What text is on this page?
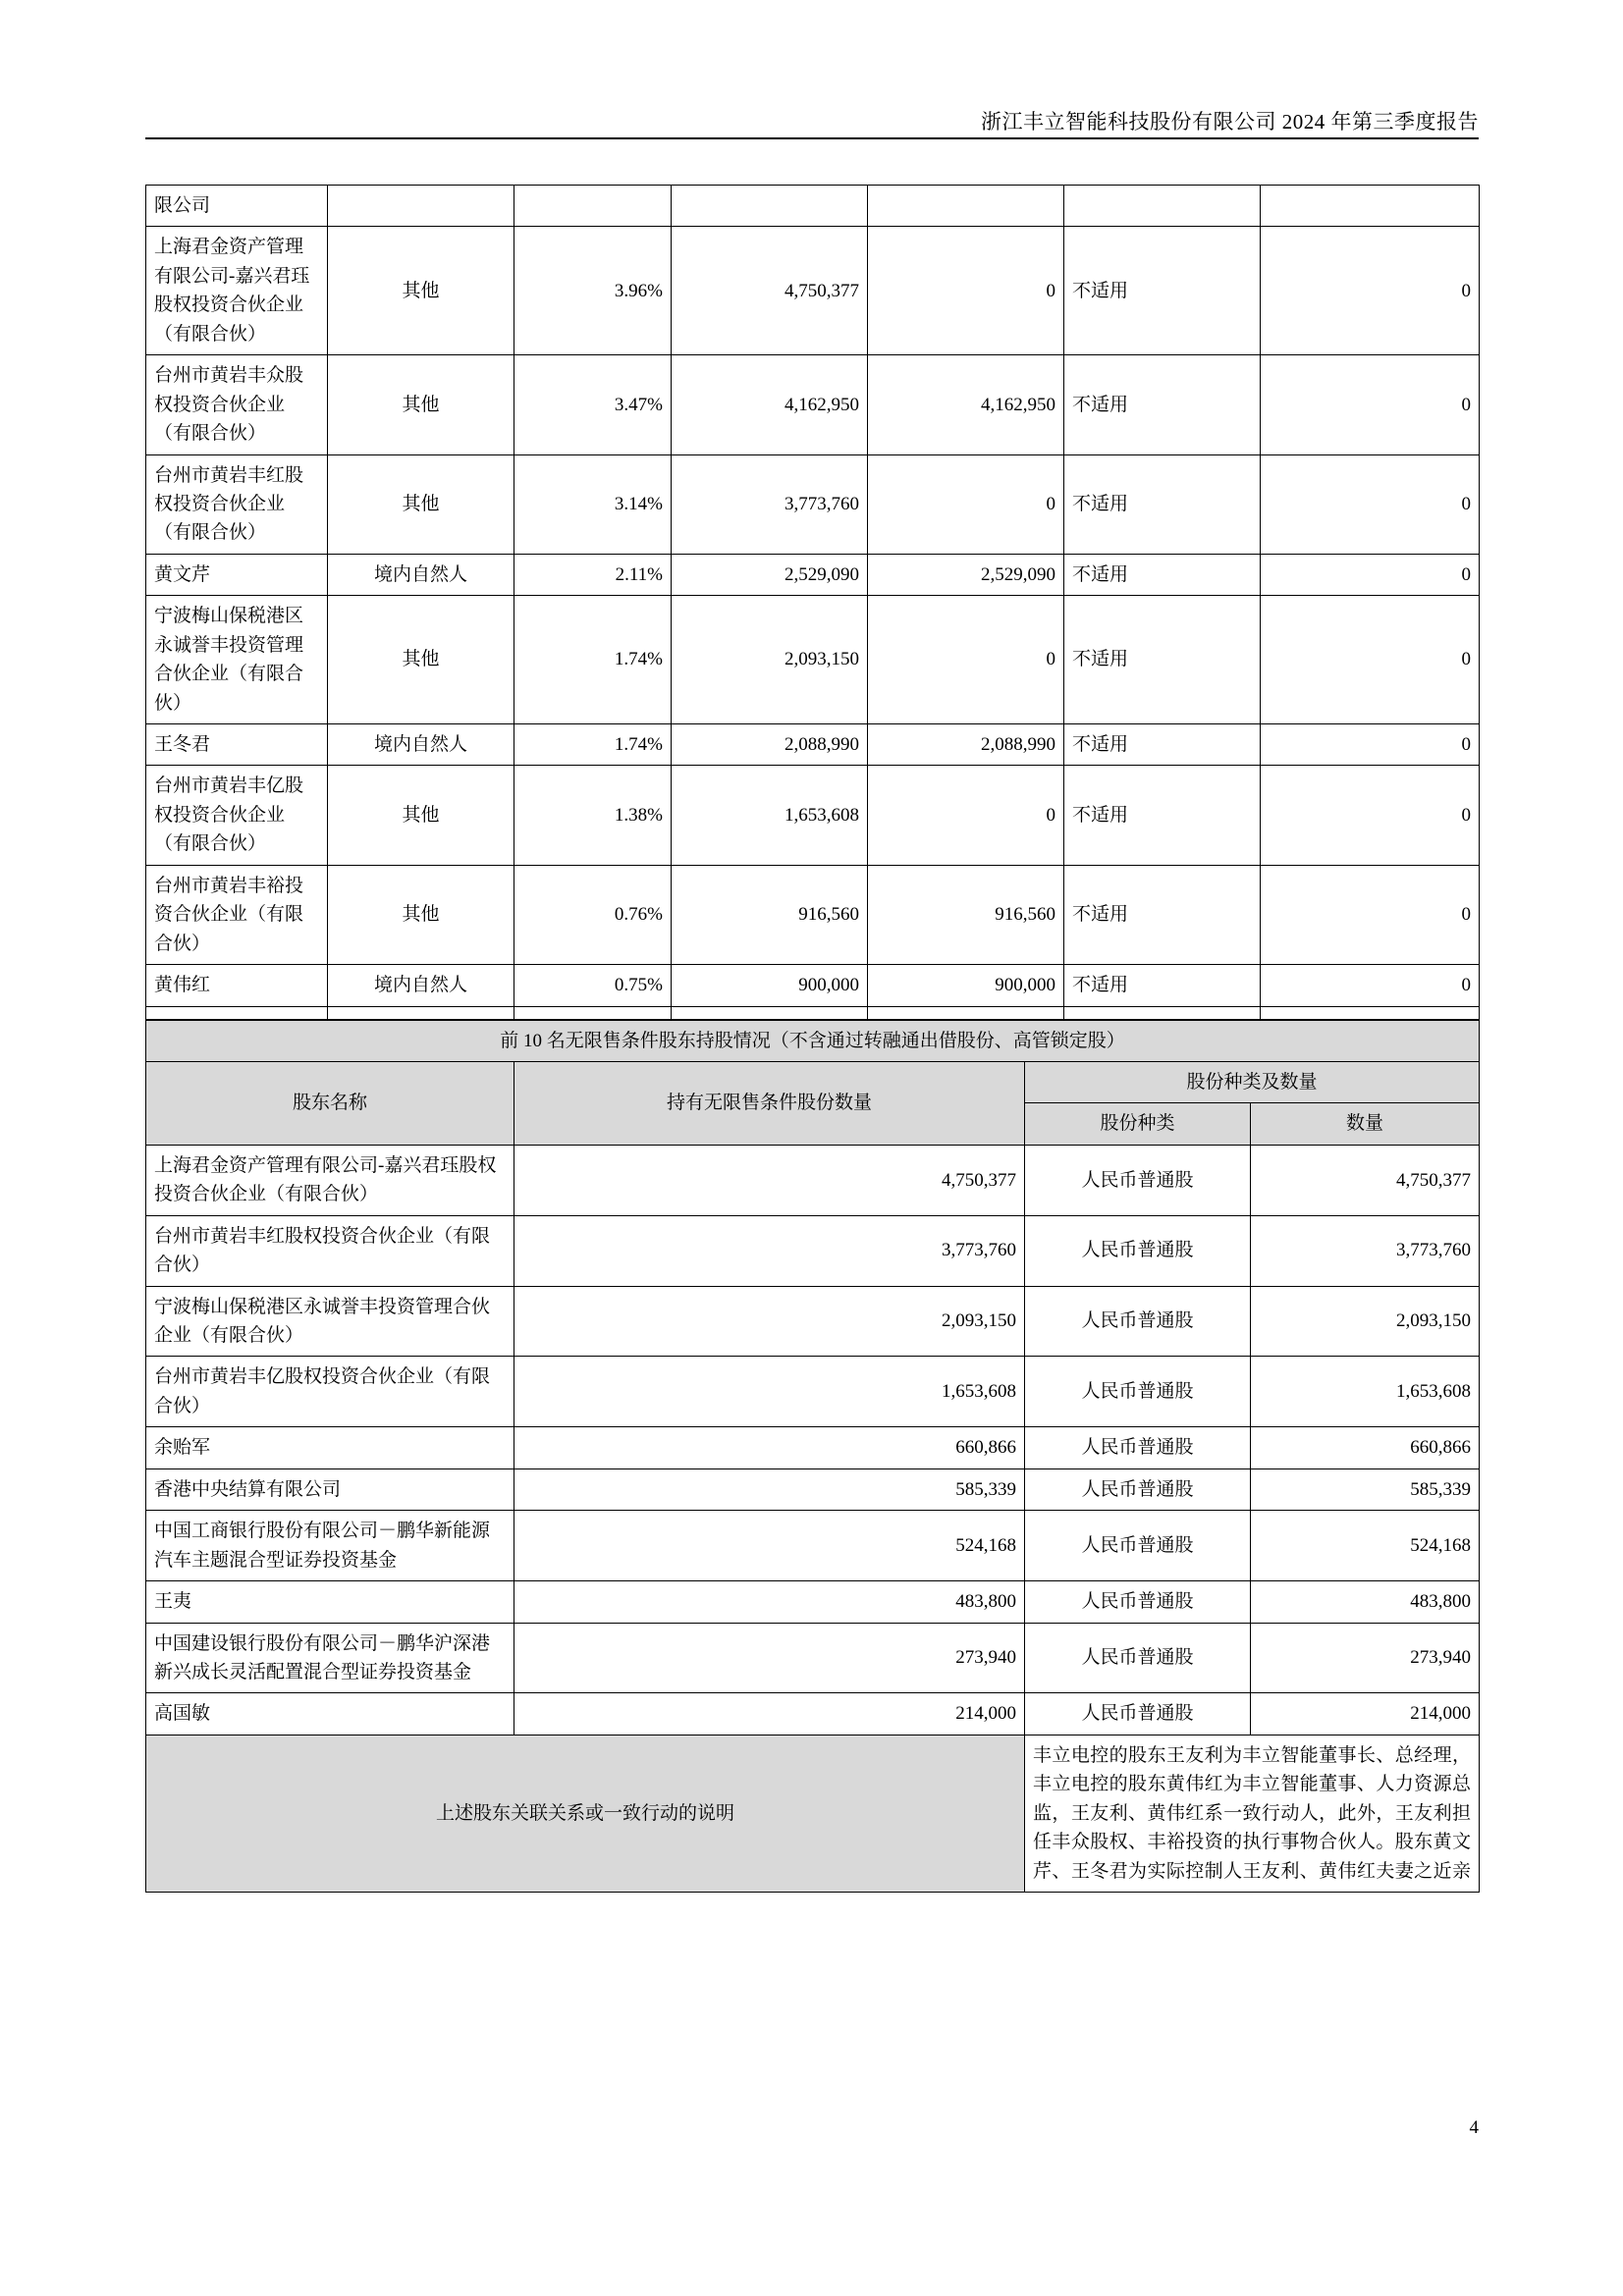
浙江丰立智能科技股份有限公司 2024 年第三季度报告
限公司						
上海君金资产管理有限公司-嘉兴君珏股权投资合伙企业（有限合伙）	其他	3.96%	4,750,377	0	不适用	0
台州市黄岩丰众股权投资合伙企业（有限合伙）	其他	3.47%	4,162,950	4,162,950	不适用	0
台州市黄岩丰红股权投资合伙企业（有限合伙）	其他	3.14%	3,773,760	0	不适用	0
黄文芹	境内自然人	2.11%	2,529,090	2,529,090	不适用	0
宁波梅山保税港区永诚誉丰投资管理合伙企业（有限合伙）	其他	1.74%	2,093,150	0	不适用	0
王冬君	境内自然人	1.74%	2,088,990	2,088,990	不适用	0
台州市黄岩丰亿股权投资合伙企业（有限合伙）	其他	1.38%	1,653,608	0	不适用	0
台州市黄岩丰裕投资合伙企业（有限合伙）	其他	0.76%	916,560	916,560	不适用	0
黄伟红	境内自然人	0.75%	900,000	900,000	不适用	0

前 10 名无限售条件股东持股情况（不含通过转融通出借股份、高管锁定股）			
股东名称	持有无限售条件股份数量	股份种类及数量	
		股份种类	数量
上海君金资产管理有限公司-嘉兴君珏股权投资合伙企业（有限合伙）	4,750,377	人民币普通股	4,750,377
台州市黄岩丰红股权投资合伙企业（有限合伙）	3,773,760	人民币普通股	3,773,760
宁波梅山保税港区永诚誉丰投资管理合伙企业（有限合伙）	2,093,150	人民币普通股	2,093,150
台州市黄岩丰亿股权投资合伙企业（有限合伙）	1,653,608	人民币普通股	1,653,608
余贻军	660,866	人民币普通股	660,866
香港中央结算有限公司	585,339	人民币普通股	585,339
中国工商银行股份有限公司－鹏华新能源汽车主题混合型证券投资基金	524,168	人民币普通股	524,168
王夷	483,800	人民币普通股	483,800
中国建设银行股份有限公司－鹏华沪深港新兴成长灵活配置混合型证券投资基金	273,940	人民币普通股	273,940
高国敏	214,000	人民币普通股	214,000
上述股东关联关系或一致行动的说明		丰立电控的股东王友利为丰立智能董事长、总经理，丰立电控的股东黄伟红为丰立智能董事、人力资源总监，王友利、黄伟红系一致行动人，此外，王友利担任丰众股权、丰裕投资的执行事物合伙人。股东黄文芹、王冬君为实际控制人王友利、黄伟红夫妻之近亲	
4
